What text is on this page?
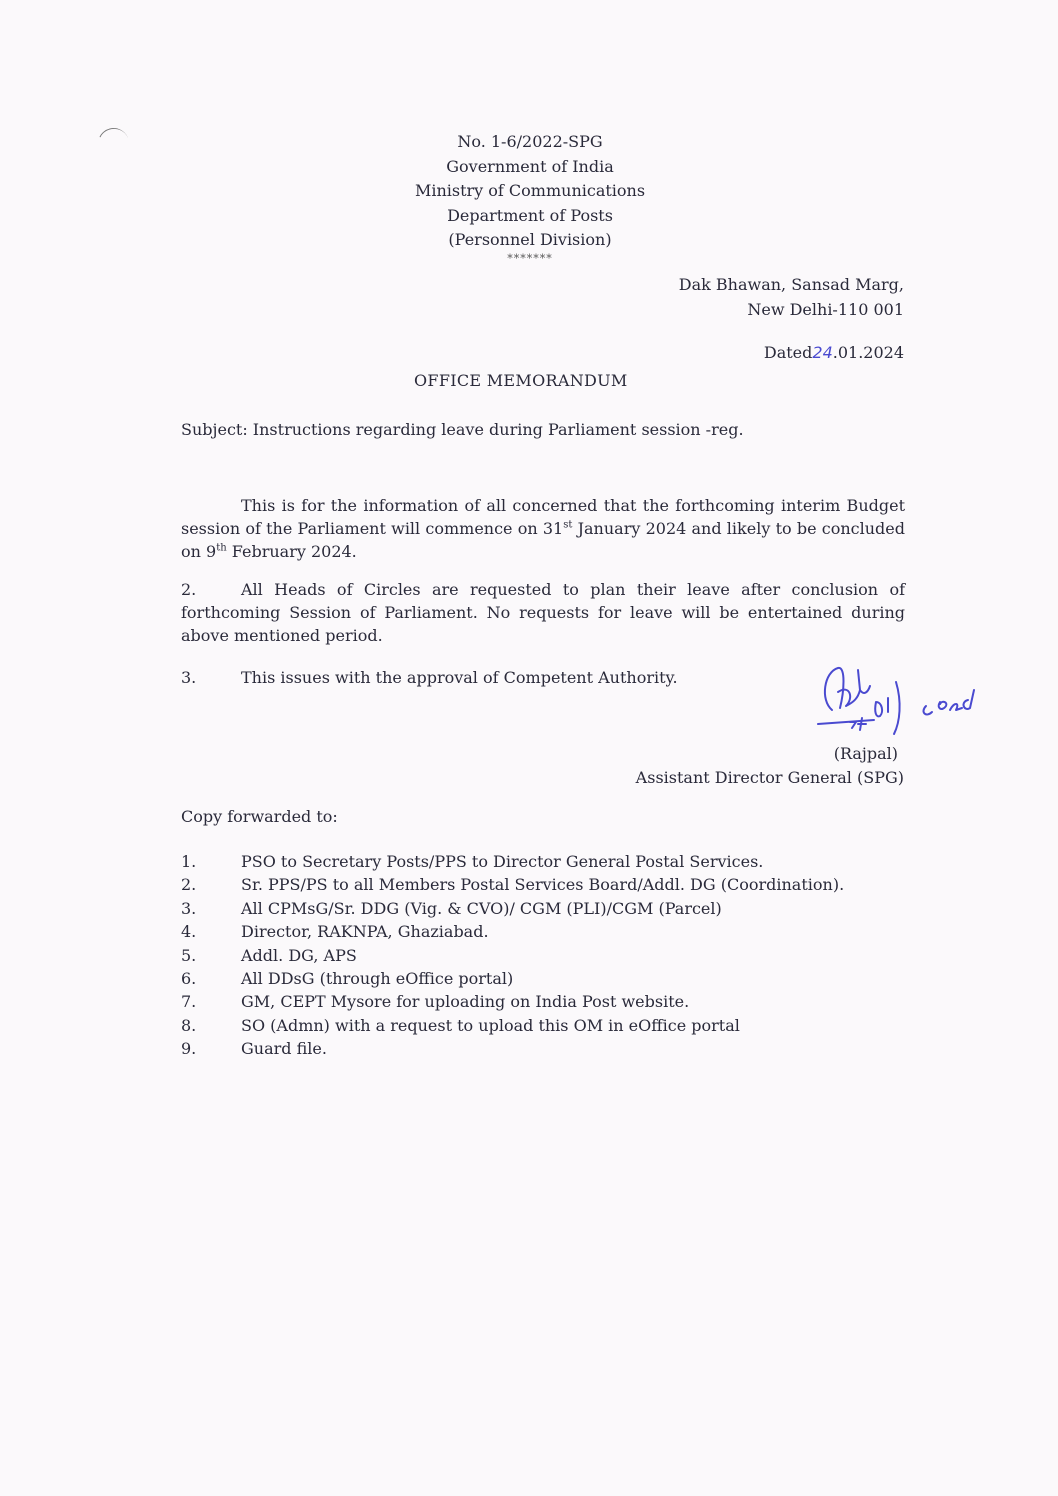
No. 1-6/2022-SPG
Government of India
Ministry of Communications
Department of Posts
(Personnel Division)
*******
Dak Bhawan, Sansad Marg,
New Delhi-110 001
Dated24.01.2024
OFFICE MEMORANDUM
Subject: Instructions regarding leave during Parliament session -reg.
This is for the information of all concerned that the forthcoming interim Budget session of the Parliament will commence on 31st January 2024 and likely to be concluded on 9th February 2024.
2.	All Heads of Circles are requested to plan their leave after conclusion of forthcoming Session of Parliament. No requests for leave will be entertained during above mentioned period.
3.	This issues with the approval of Competent Authority.
(Rajpal)
Assistant Director General (SPG)
Copy forwarded to:
1.	PSO to Secretary Posts/PPS to Director General Postal Services.
2.	Sr. PPS/PS to all Members Postal Services Board/Addl. DG (Coordination).
3.	All CPMsG/Sr. DDG (Vig. & CVO)/ CGM (PLI)/CGM (Parcel)
4.	Director, RAKNPA, Ghaziabad.
5.	Addl. DG, APS
6.	All DDsG (through eOffice portal)
7.	GM, CEPT Mysore for uploading on India Post website.
8.	SO (Admn) with a request to upload this OM in eOffice portal
9.	Guard file.
